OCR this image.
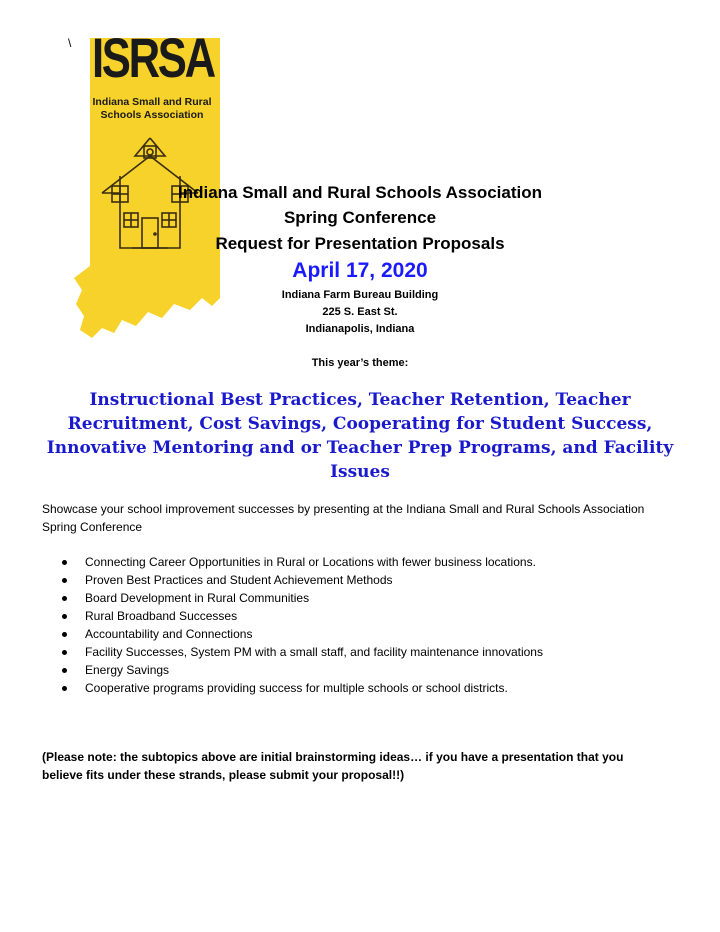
\ ISRSA
Indiana Small and Rural Schools Association
Indiana Small and Rural Schools Association
Spring Conference
Request for Presentation Proposals
April 17, 2020
Indiana Farm Bureau Building
225 S. East St.
Indianapolis, Indiana
This year’s theme:
Instructional Best Practices, Teacher Retention, Teacher Recruitment, Cost Savings, Cooperating for Student Success, Innovative Mentoring and or Teacher Prep Programs, and Facility Issues
Showcase your school improvement successes by presenting at the Indiana Small and Rural Schools Association Spring Conference
Connecting Career Opportunities in Rural or Locations with fewer business locations.
Proven Best Practices and Student Achievement Methods
Board Development in Rural Communities
Rural Broadband Successes
Accountability and Connections
Facility Successes, System PM with a small staff, and facility maintenance innovations
Energy Savings
Cooperative programs providing success for multiple schools or school districts.
(Please note: the subtopics above are initial brainstorming ideas… if you have a presentation that you believe fits under these strands, please submit your proposal!!)
